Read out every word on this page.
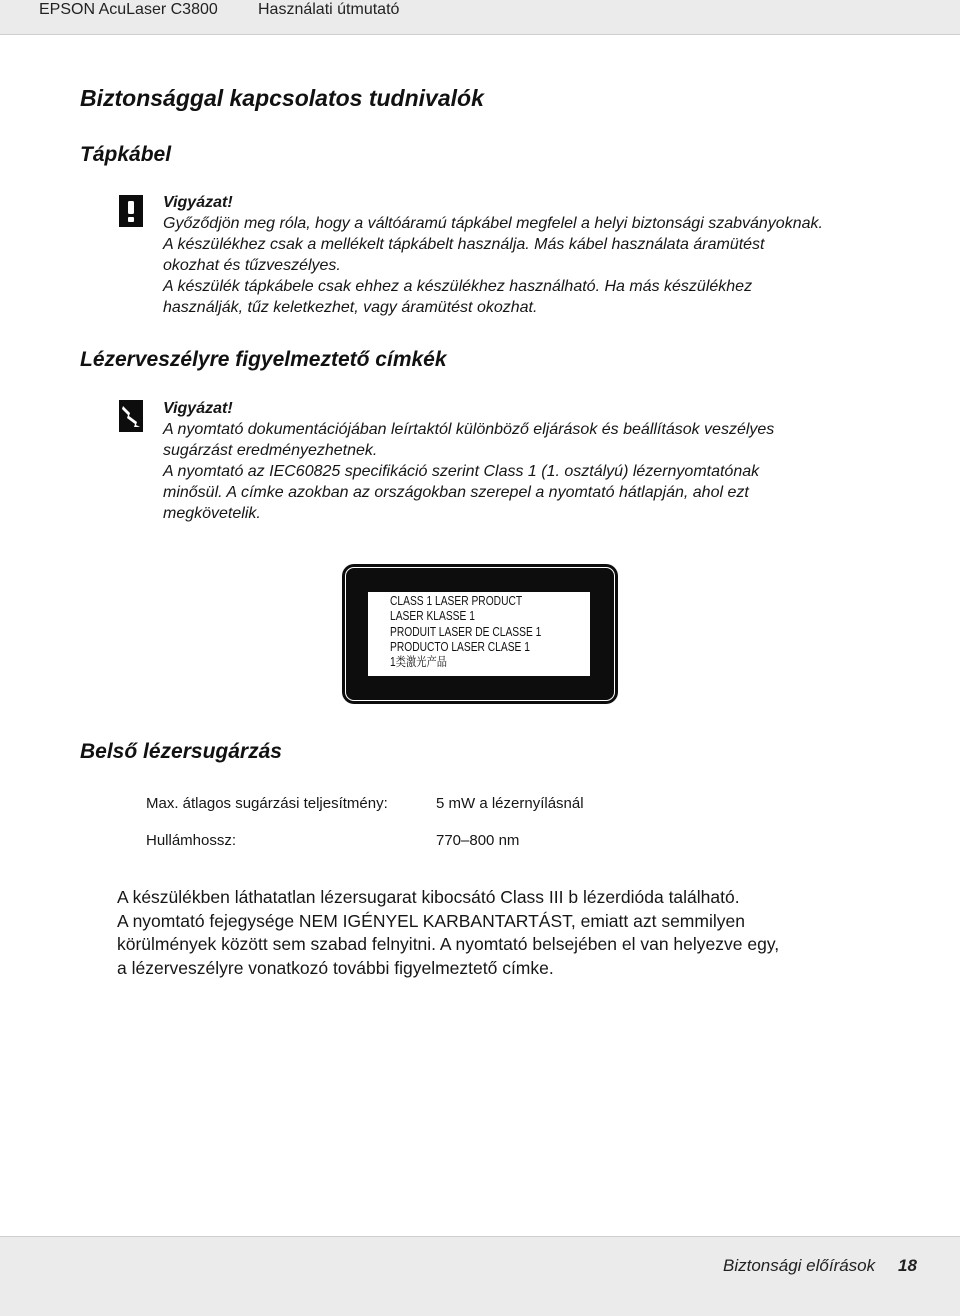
EPSON AcuLaser C3800	Használati útmutató
Biztonsággal kapcsolatos tudnivalók
Tápkábel

Vigyázat!

Győződjön meg róla, hogy a váltóáramú tápkábel megfelel a helyi biztonsági szabványoknak.

A készülékhez csak a mellékelt tápkábelt használja. Más kábel használata áramütést

okozhat és tűzveszélyes.

A készülék tápkábele csak ehhez a készülékhez használható. Ha más készülékhez

használják, tűz keletkezhet, vagy áramütést okozhat.

Lézerveszélyre figyelmeztető címkék

Vigyázat!

A nyomtató dokumentációjában leírtaktól különböző eljárások és beállítások veszélyes

sugárzást eredményezhetnek.

A nyomtató az IEC60825 specifikáció szerint Class 1 (1. osztályú) lézernyomtatónak

minősül. A címke azokban az országokban szerepel a nyomtató hátlapján, ahol ezt

megkövetelik.

CLASS 1 LASER PRODUCT
LASER KLASSE 1
PRODUIT LASER DE CLASSE 1
PRODUCTO LASER CLASE 1
1类激光产品
Belső lézersugárzás
Max. átlagos sugárzási teljesítmény:	5 mW a lézernyílásnál
Hullámhossz:	770–800 nm

A készülékben láthatatlan lézersugarat kibocsátó Class III b lézerdióda található.

A nyomtató fejegysége NEM IGÉNYEL KARBANTARTÁST, emiatt azt semmilyen

körülmények között sem szabad felnyitni. A nyomtató belsejében el van helyezve egy,

a lézerveszélyre vonatkozó további figyelmeztető címke.

Biztonsági előírások 18
